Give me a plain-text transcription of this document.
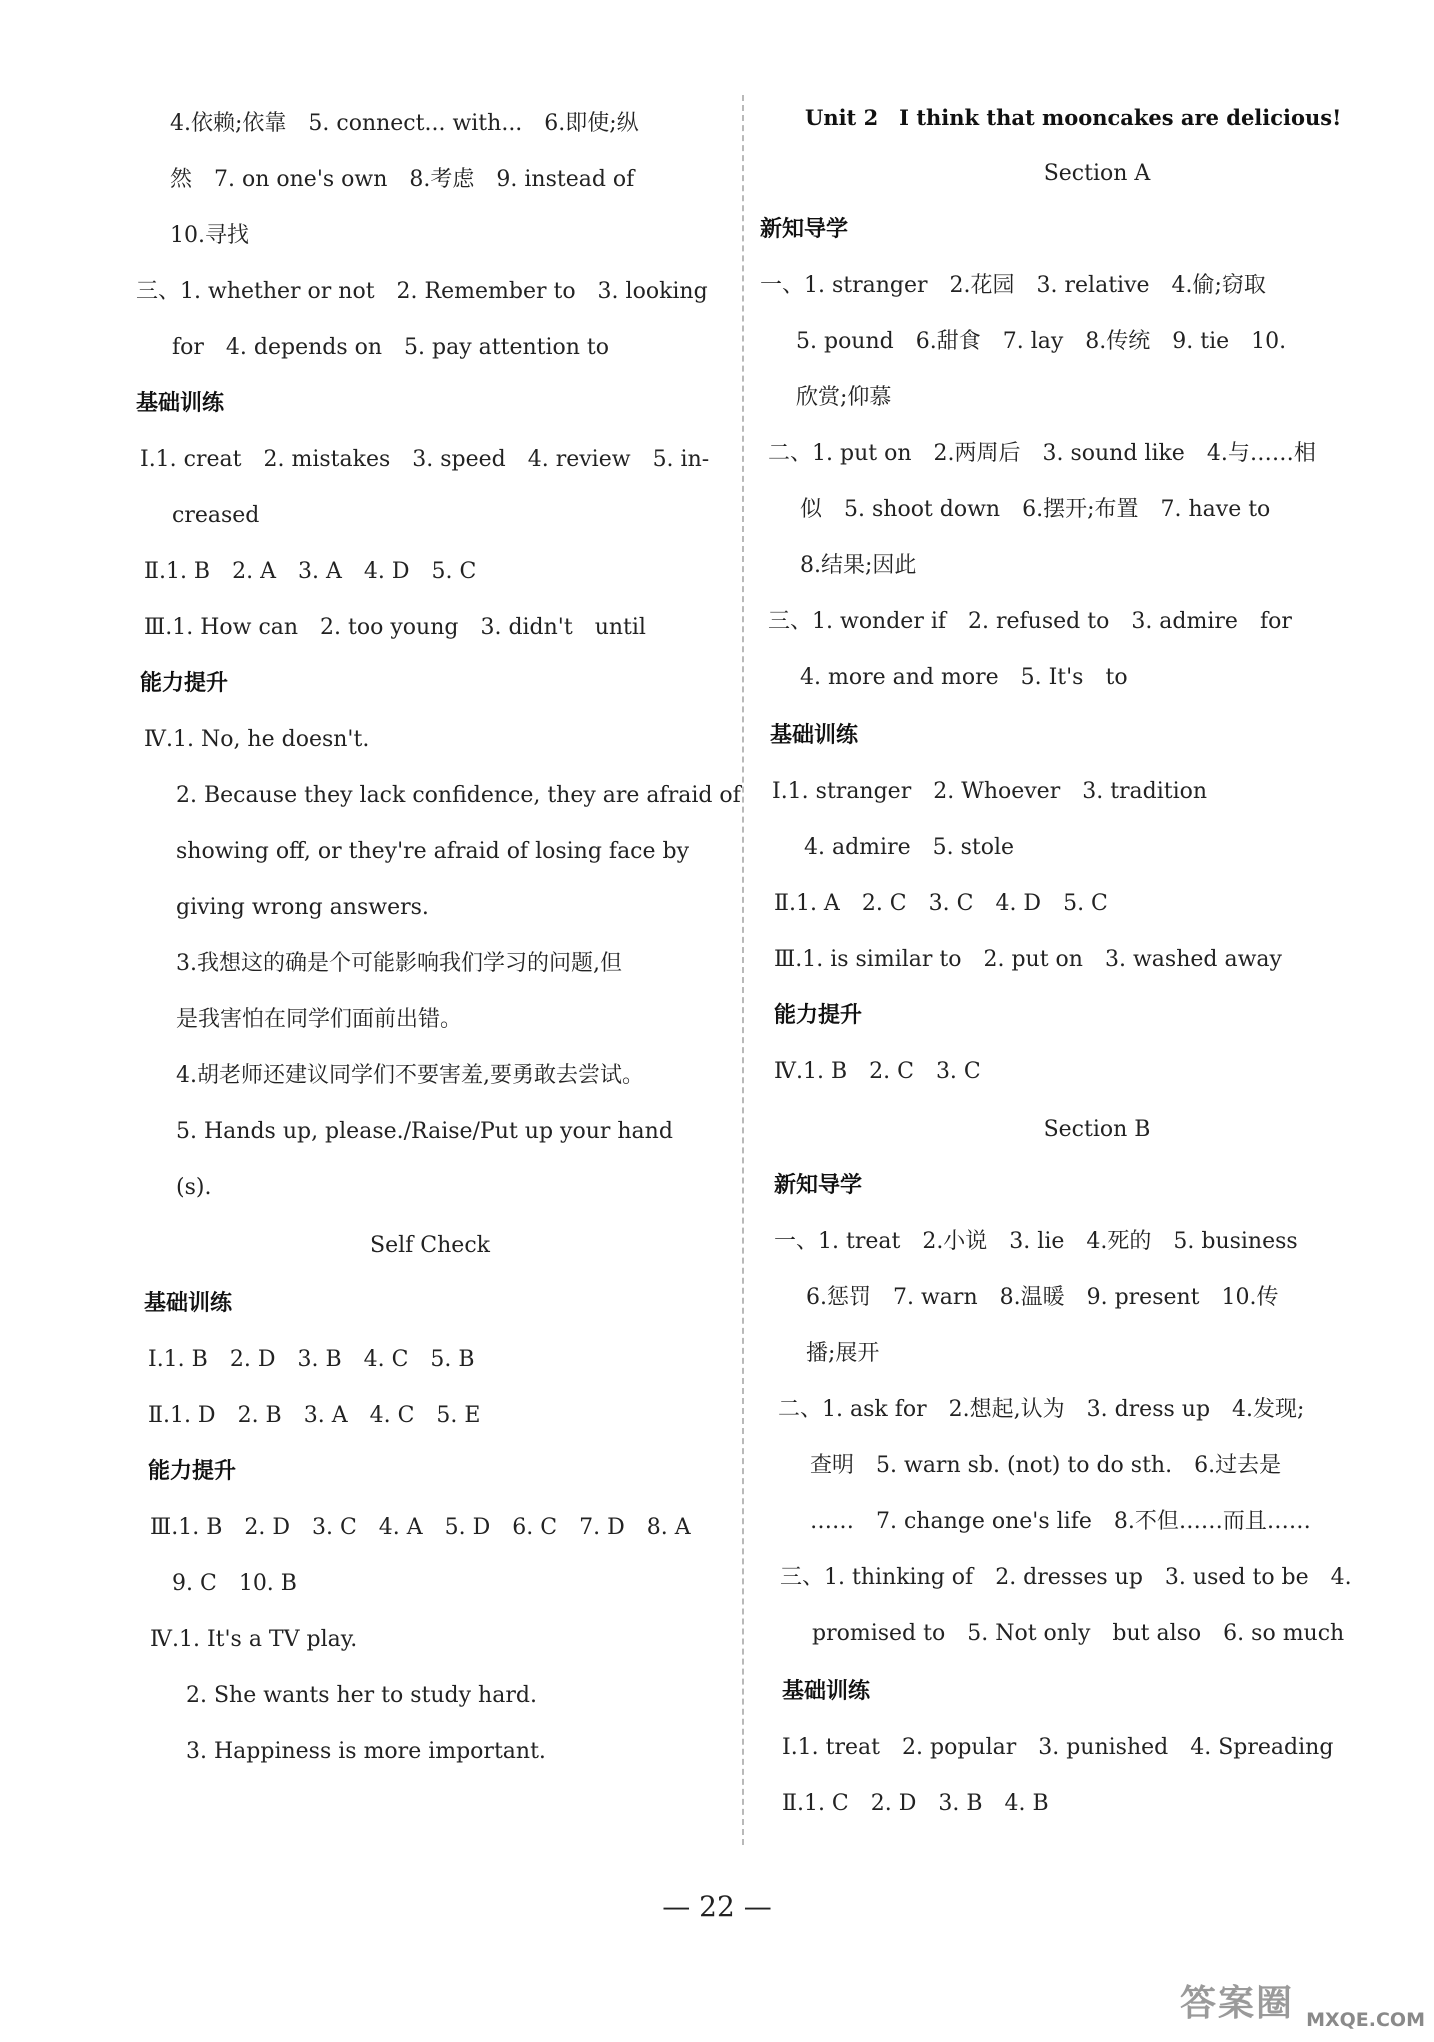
4.依赖;依靠　5. connect... with...　6.即使;纵
然　7. on one's own　8.考虑　9. instead of
10.寻找
三、1. whether or not　2. Remember to　3. looking
for　4. depends on　5. pay attention to
基础训练
Ⅰ.1. creat　2. mistakes　3. speed　4. review　5. in-
creased
Ⅱ.1. B　2. A　3. A　4. D　5. C
Ⅲ.1. How can　2. too young　3. didn't　until
能力提升
Ⅳ.1. No, he doesn't.
2. Because they lack confidence, they are afraid of
showing off, or they're afraid of losing face by
giving wrong answers.
3.我想这的确是个可能影响我们学习的问题,但
是我害怕在同学们面前出错。
4.胡老师还建议同学们不要害羞,要勇敢去尝试。
5. Hands up, please./Raise/Put up your hand
(s).
Self Check
基础训练
Ⅰ.1. B　2. D　3. B　4. C　5. B
Ⅱ.1. D　2. B　3. A　4. C　5. E
能力提升
Ⅲ.1. B　2. D　3. C　4. A　5. D　6. C　7. D　8. A
9. C　10. B
Ⅳ.1. It's a TV play.
2. She wants her to study hard.
3. Happiness is more important.
Unit 2　I think that mooncakes are delicious!
Section A
新知导学
一、1. stranger　2.花园　3. relative　4.偷;窃取
5. pound　6.甜食　7. lay　8.传统　9. tie　10.
欣赏;仰慕
二、1. put on　2.两周后　3. sound like　4.与……相
似　5. shoot down　6.摆开;布置　7. have to
8.结果;因此
三、1. wonder if　2. refused to　3. admire　for
4. more and more　5. It's　to
基础训练
Ⅰ.1. stranger　2. Whoever　3. tradition
4. admire　5. stole
Ⅱ.1. A　2. C　3. C　4. D　5. C
Ⅲ.1. is similar to　2. put on　3. washed away
能力提升
Ⅳ.1. B　2. C　3. C
Section B
新知导学
一、1. treat　2.小说　3. lie　4.死的　5. business
6.惩罚　7. warn　8.温暖　9. present　10.传
播;展开
二、1. ask for　2.想起,认为　3. dress up　4.发现;
查明　5. warn sb. (not) to do sth.　6.过去是
……　7. change one's life　8.不但……而且……
三、1. thinking of　2. dresses up　3. used to be　4.
promised to　5. Not only　but also　6. so much
基础训练
Ⅰ.1. treat　2. popular　3. punished　4. Spreading
Ⅱ.1. C　2. D　3. B　4. B
— 22 —
答案圈 MXQE.COM
